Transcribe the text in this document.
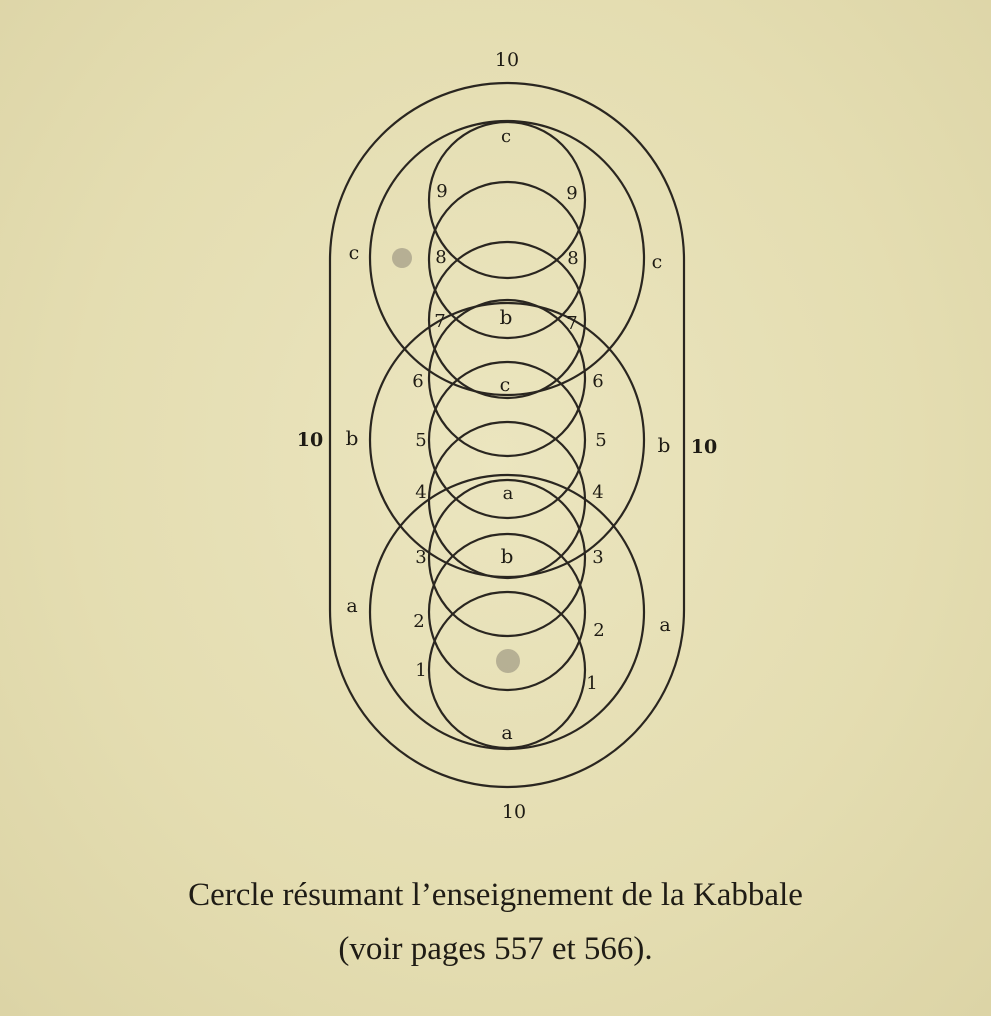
10
10
10	10
c	c
b	b
a
a
c
b
c
a
b
a
9
8
7
6
5
4
3
2
1
9
8
7
6
5
4
3
2
1
Cercle résumant l’enseignement de la Kabbale
(voir pages 557 et 566).
